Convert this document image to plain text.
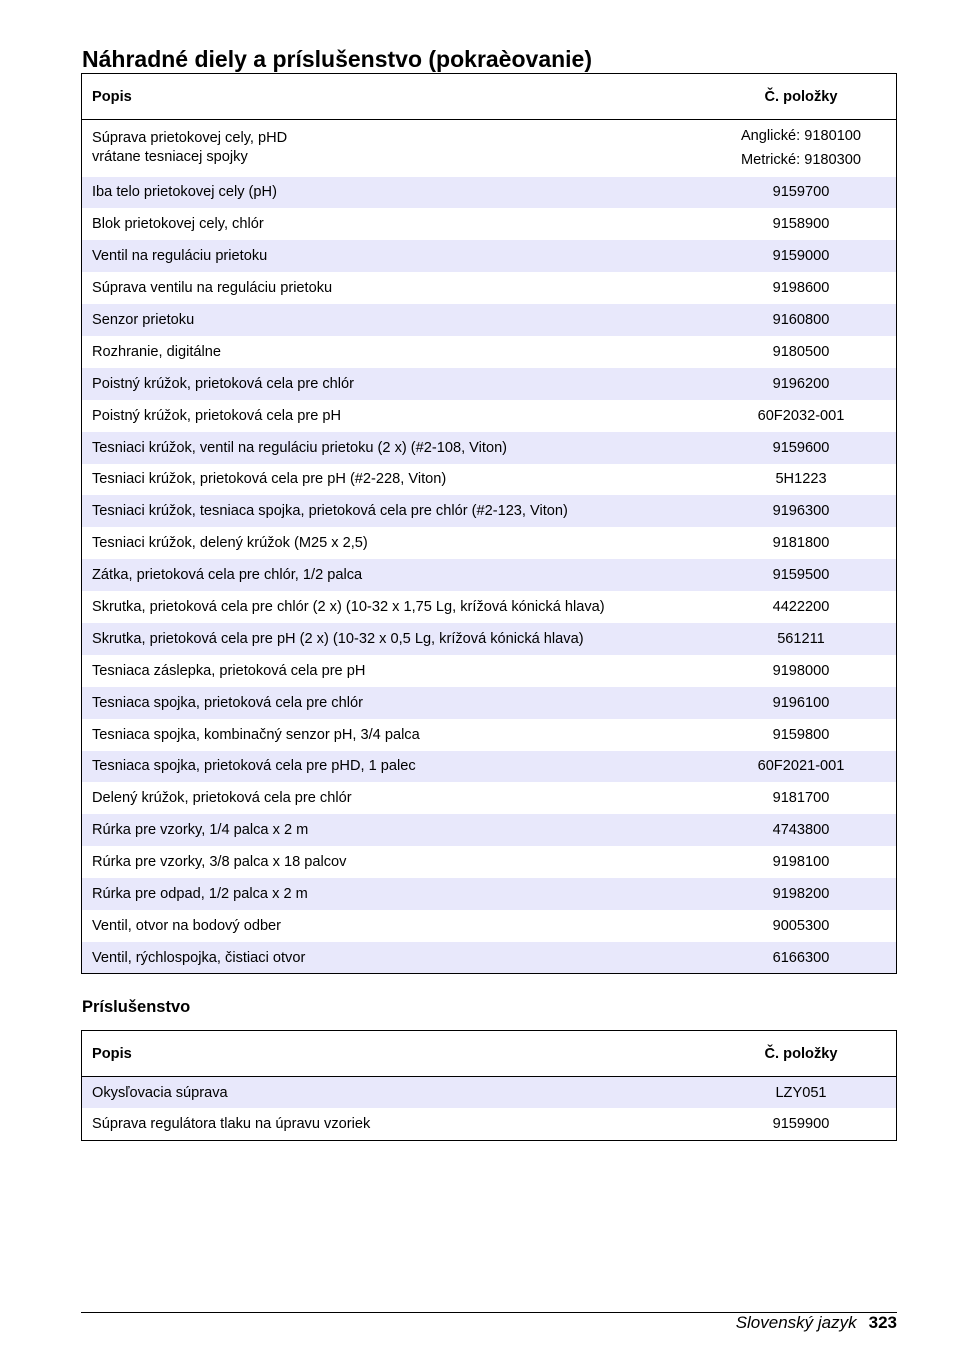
Náhradné diely a príslušenstvo (pokraèovanie)
Popis	Č. položky
Súprava prietokovej cely, pHD
vrátane tesniacej spojky	Anglické: 9180100
Metrické: 9180300

Iba telo prietokovej cely (pH)	9159700
Blok prietokovej cely, chlór	9158900
Ventil na reguláciu prietoku	9159000
Súprava ventilu na reguláciu prietoku	9198600
Senzor prietoku	9160800
Rozhranie, digitálne	9180500
Poistný krúžok, prietoková cela pre chlór	9196200
Poistný krúžok, prietoková cela pre pH	60F2032-001
Tesniaci krúžok, ventil na reguláciu prietoku (2 x) (#2-108, Viton)	9159600
Tesniaci krúžok, prietoková cela pre pH (#2-228, Viton)	5H1223
Tesniaci krúžok, tesniaca spojka, prietoková cela pre chlór (#2-123, Viton)	9196300
Tesniaci krúžok, delený krúžok (M25 x 2,5)	9181800
Zátka, prietoková cela pre chlór, 1/2 palca	9159500
Skrutka, prietoková cela pre chlór (2 x) (10-32 x 1,75 Lg, krížová kónická hlava)	4422200
Skrutka, prietoková cela pre pH (2 x) (10-32 x 0,5 Lg, krížová kónická hlava)	561211
Tesniaca záslepka, prietoková cela pre pH	9198000
Tesniaca spojka, prietoková cela pre chlór	9196100
Tesniaca spojka, kombinačný senzor pH, 3/4 palca	9159800
Tesniaca spojka, prietoková cela pre pHD, 1 palec	60F2021-001
Delený krúžok, prietoková cela pre chlór	9181700
Rúrka pre vzorky, 1/4 palca x 2 m	4743800
Rúrka pre vzorky, 3/8 palca x 18 palcov	9198100
Rúrka pre odpad, 1/2 palca x 2 m	9198200
Ventil, otvor na bodový odber	9005300
Ventil, rýchlospojka, čistiaci otvor	6166300
Príslušenstvo
Popis	Č. položky
Okysľovacia súprava	LZY051
Súprava regulátora tlaku na úpravu vzoriek	9159900
Slovenský jazyk 323
